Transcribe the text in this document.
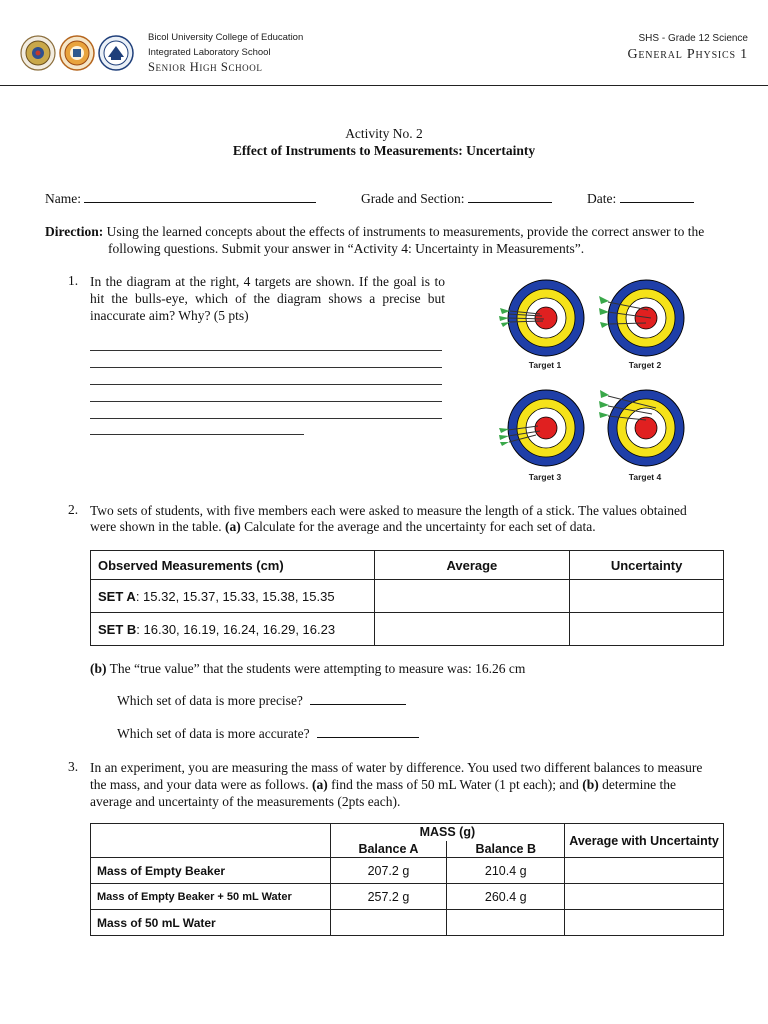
Bicol University College of Education
Integrated Laboratory School
Senior High School
SHS - Grade 12 Science
General Physics 1
Activity No. 2
Effect of Instruments to Measurements: Uncertainty
Name:	Grade and Section:	Date:
Direction: Using the learned concepts about the effects of instruments to measurements, provide the correct answer to the
following questions. Submit your answer in “Activity 4: Uncertainty in Measurements”.
1. In the diagram at the right, 4 targets are shown. If the goal is to
hit the bulls-eye, which of the diagram shows a precise but
inaccurate aim? Why? (5 pts)
Target 1	Target 2
Target 3	Target 4
2. Two sets of students, with five members each were asked to measure the length of a stick. The values obtained
were shown in the table. (a) Calculate for the average and the uncertainty for each set of data.
Observed Measurements (cm)	Average	Uncertainty
SET A: 15.32, 15.37, 15.33, 15.38, 15.35		
SET B: 16.30, 16.19, 16.24, 16.29, 16.23		
(b) The “true value” that the students were attempting to measure was: 16.26 cm
Which set of data is more precise?
Which set of data is more accurate?
3. In an experiment, you are measuring the mass of water by difference. You used two different balances to measure
the mass, and your data were as follows. (a) find the mass of 50 mL Water (1 pt each); and (b) determine the
average and uncertainty of the measurements (2pts each).
	MASS (g)		Average with Uncertainty
	Balance A	Balance B	
Mass of Empty Beaker	207.2 g	210.4 g	
Mass of Empty Beaker + 50 mL Water	257.2 g	260.4 g	
Mass of 50 mL Water			
